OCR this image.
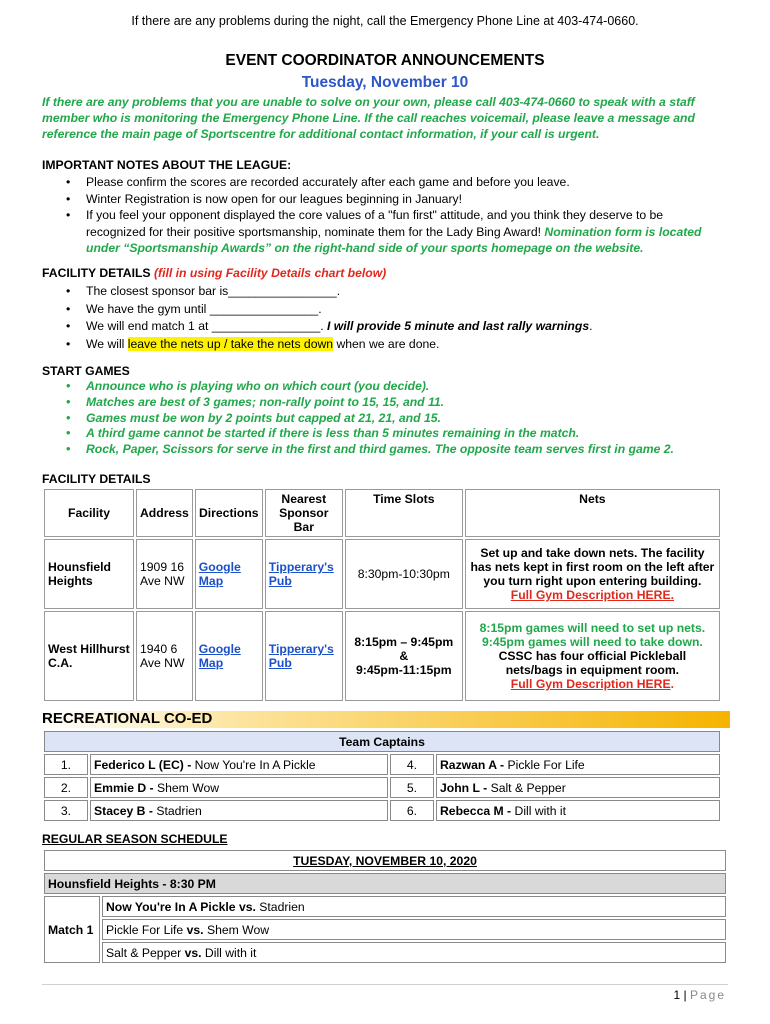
If there are any problems during the night, call the Emergency Phone Line at 403-474-0660.
EVENT COORDINATOR ANNOUNCEMENTS
Tuesday, November 10
If there are any problems that you are unable to solve on your own, please call 403-474-0660 to speak with a staff member who is monitoring the Emergency Phone Line. If the call reaches voicemail, please leave a message and reference the main page of Sportscentre for additional contact information, if your call is urgent.
IMPORTANT NOTES ABOUT THE LEAGUE:
• Please confirm the scores are recorded accurately after each game and before you leave.
• Winter Registration is now open for our leagues beginning in January!
• If you feel your opponent displayed the core values of a "fun first" attitude, and you think they deserve to be recognized for their positive sportsmanship, nominate them for the Lady Bing Award! Nomination form is located under “Sportsmanship Awards” on the right-hand side of your sports homepage on the website.
FACILITY DETAILS (fill in using Facility Details chart below)
• The closest sponsor bar is________________.
• We have the gym until ________________.
• We will end match 1 at ________________. I will provide 5 minute and last rally warnings.
• We will leave the nets up / take the nets down when we are done.
START GAMES
• Announce who is playing who on which court (you decide).
• Matches are best of 3 games; non-rally point to 15, 15, and 11.
• Games must be won by 2 points but capped at 21, 21, and 15.
• A third game cannot be started if there is less than 5 minutes remaining in the match.
• Rock, Paper, Scissors for serve in the first and third games. The opposite team serves first in game 2.
FACILITY DETAILS
Facility	Address	Directions	Nearest Sponsor Bar	Time Slots	Nets
Hounsfield Heights	1909 16 Ave NW	Google Map	Tipperary's Pub	8:30pm-10:30pm	Set up and take down nets. The facility has nets kept in first room on the left after you turn right upon entering building.
Full Gym Description HERE.
West Hillhurst C.A.	1940 6 Ave NW	Google Map	Tipperary's Pub	8:15pm – 9:45pm
&
9:45pm-11:15pm	8:15pm games will need to set up nets.
9:45pm games will need to take down.
CSSC has four official Pickleball nets/bags in equipment room.
Full Gym Description HERE.
RECREATIONAL CO-ED
Team Captains			
1.	Federico L (EC) - Now You're In A Pickle	4.	Razwan A - Pickle For Life
2.	Emmie D - Shem Wow	5.	John L - Salt & Pepper
3.	Stacey B - Stadrien	6.	Rebecca M - Dill with it
REGULAR SEASON SCHEDULE
TUESDAY, NOVEMBER 10, 2020
Hounsfield Heights - 8:30 PM
Match 1	Now You're In A Pickle vs. Stadrien
Pickle For Life vs. Shem Wow
Salt & Pepper vs. Dill with it
1 | Page
